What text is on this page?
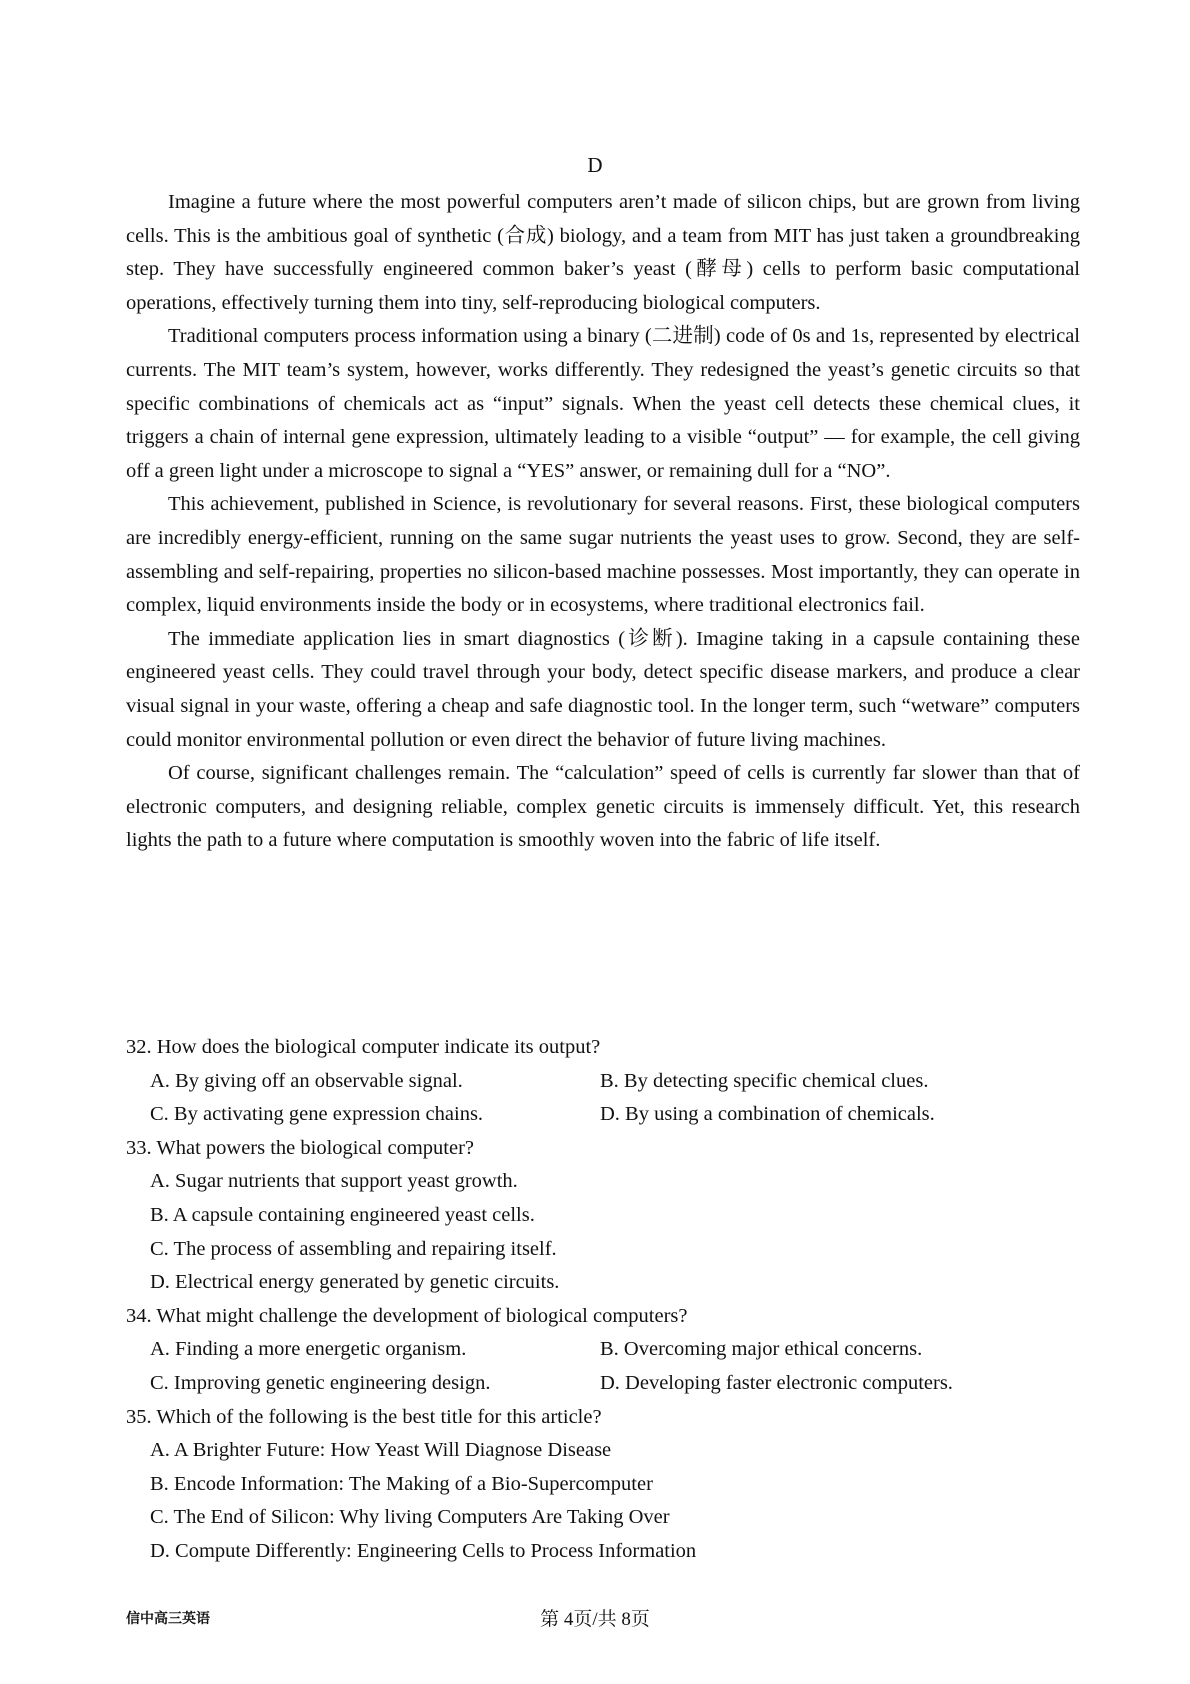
D

Imagine a future where the most powerful computers aren’t made of silicon chips, but are grown from living cells. This is the ambitious goal of synthetic (合成) biology, and a team from MIT has just taken a groundbreaking step. They have successfully engineered common baker’s yeast (酵母) cells to perform basic computational operations, effectively turning them into tiny, self-reproducing biological computers.

Traditional computers process information using a binary (二进制) code of 0s and 1s, represented by electrical currents. The MIT team’s system, however, works differently. They redesigned the yeast’s genetic circuits so that specific combinations of chemicals act as “input” signals. When the yeast cell detects these chemical clues, it triggers a chain of internal gene expression, ultimately leading to a visible “output” — for example, the cell giving off a green light under a microscope to signal a “YES” answer, or remaining dull for a “NO”.

This achievement, published in Science, is revolutionary for several reasons. First, these biological computers are incredibly energy-efficient, running on the same sugar nutrients the yeast uses to grow. Second, they are self-assembling and self-repairing, properties no silicon-based machine possesses. Most importantly, they can operate in complex, liquid environments inside the body or in ecosystems, where traditional electronics fail.

The immediate application lies in smart diagnostics (诊断). Imagine taking in a capsule containing these engineered yeast cells. They could travel through your body, detect specific disease markers, and produce a clear visual signal in your waste, offering a cheap and safe diagnostic tool. In the longer term, such “wetware” computers could monitor environmental pollution or even direct the behavior of future living machines.

Of course, significant challenges remain. The “calculation” speed of cells is currently far slower than that of electronic computers, and designing reliable, complex genetic circuits is immensely difficult. Yet, this research lights the path to a future where computation is smoothly woven into the fabric of life itself.

32. How does the biological computer indicate its output?

A. By giving off an observable signal.	B. By detecting specific chemical clues.

C. By activating gene expression chains.	D. By using a combination of chemicals.

33. What powers the biological computer?

A. Sugar nutrients that support yeast growth.

B. A capsule containing engineered yeast cells.

C. The process of assembling and repairing itself.

D. Electrical energy generated by genetic circuits.

34. What might challenge the development of biological computers?

A. Finding a more energetic organism.	B. Overcoming major ethical concerns.

C. Improving genetic engineering design.	D. Developing faster electronic computers.

35. Which of the following is the best title for this article?

A. A Brighter Future: How Yeast Will Diagnose Disease

B. Encode Information: The Making of a Bio-Supercomputer

C. The End of Silicon: Why living Computers Are Taking Over

D. Compute Differently: Engineering Cells to Process Information

信中高三英语	第 4页/共 8页
